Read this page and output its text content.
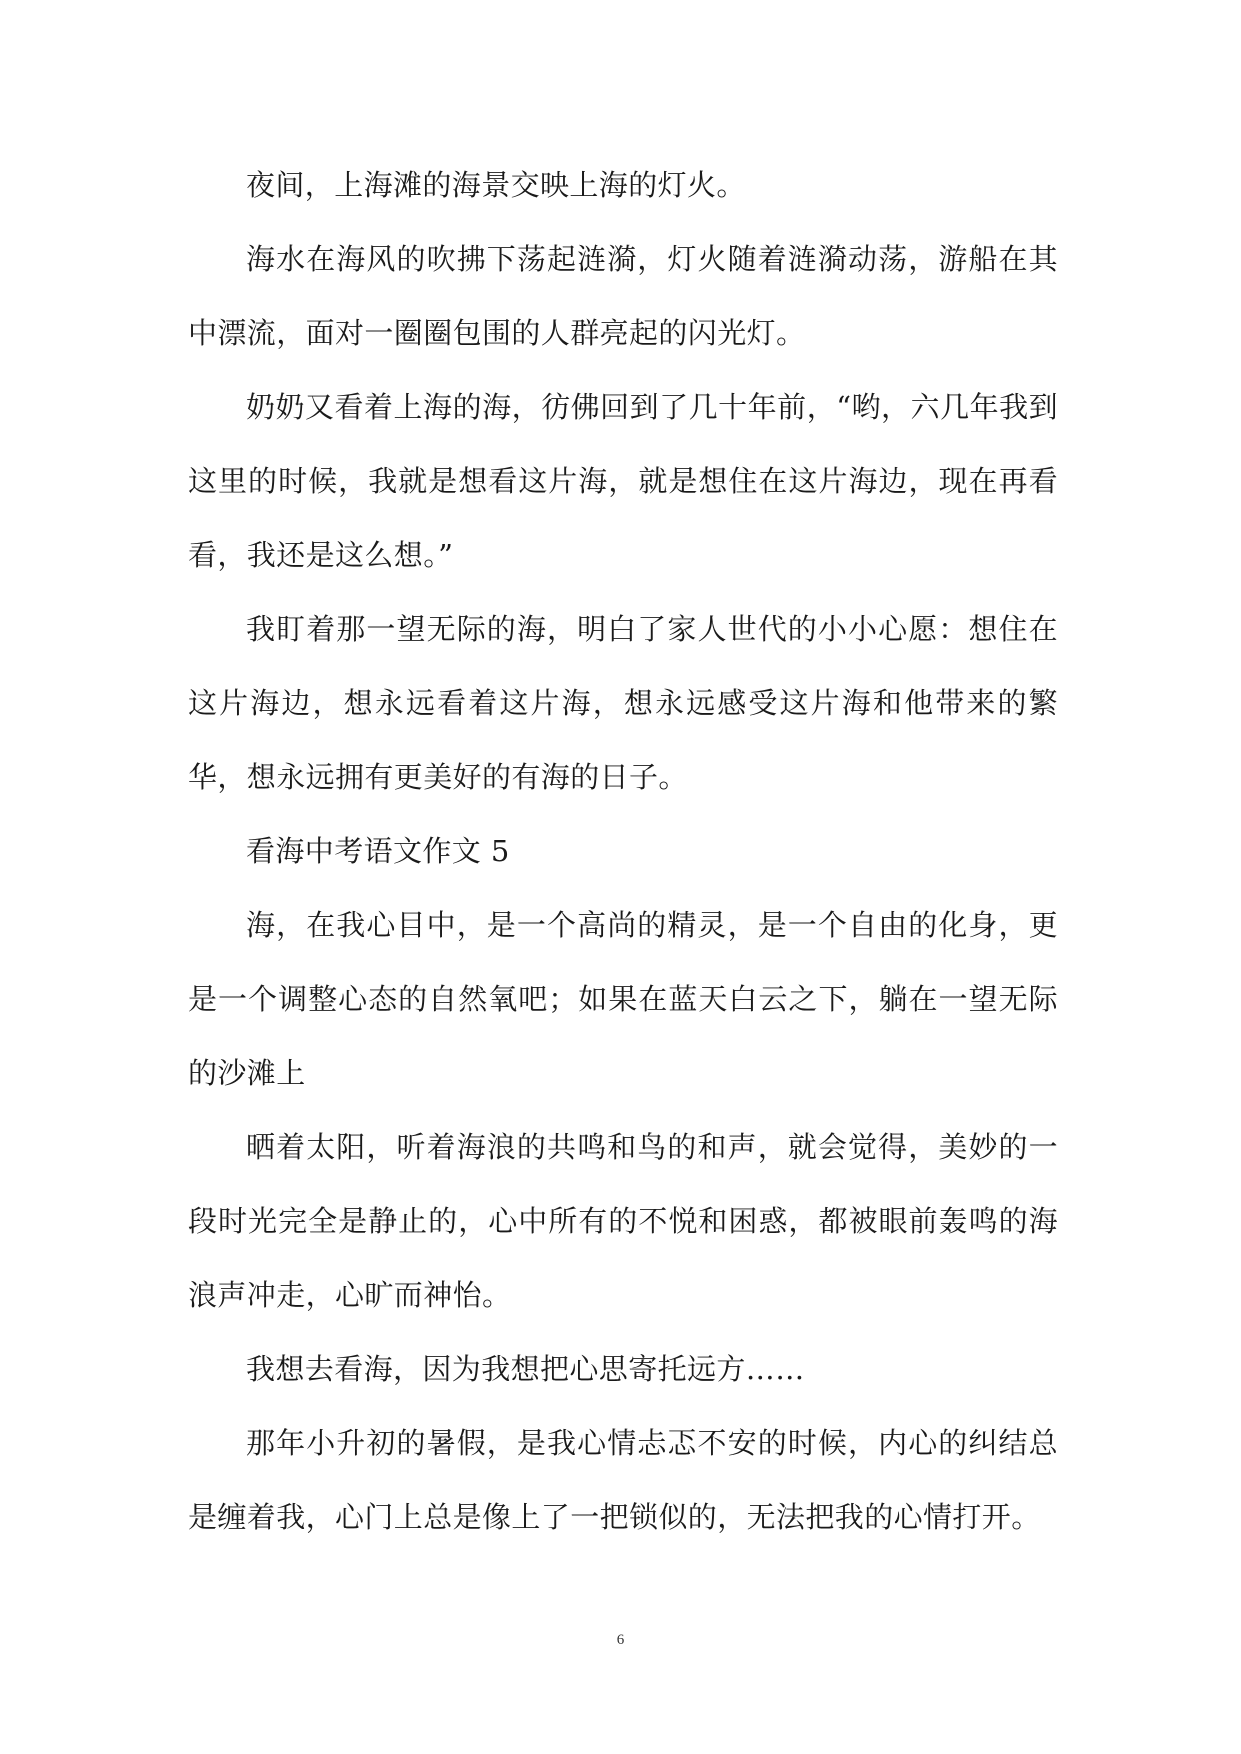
夜间，上海滩的海景交映上海的灯火。

海水在海风的吹拂下荡起涟漪，灯火随着涟漪动荡，游船在其中漂流，面对一圈圈包围的人群亮起的闪光灯。

奶奶又看着上海的海，彷佛回到了几十年前，“哟，六几年我到这里的时候，我就是想看这片海，就是想住在这片海边，现在再看看，我还是这么想。”

我盯着那一望无际的海，明白了家人世代的小小心愿：想住在这片海边，想永远看着这片海，想永远感受这片海和他带来的繁华，想永远拥有更美好的有海的日子。

看海中考语文作文 5

海，在我心目中，是一个高尚的精灵，是一个自由的化身，更是一个调整心态的自然氧吧；如果在蓝天白云之下，躺在一望无际的沙滩上

晒着太阳，听着海浪的共鸣和鸟的和声，就会觉得，美妙的一段时光完全是静止的，心中所有的不悦和困惑，都被眼前轰鸣的海浪声冲走，心旷而神怡。

我想去看海，因为我想把心思寄托远方……

那年小升初的暑假，是我心情忐忑不安的时候，内心的纠结总是缠着我，心门上总是像上了一把锁似的，无法把我的心情打开。

6
